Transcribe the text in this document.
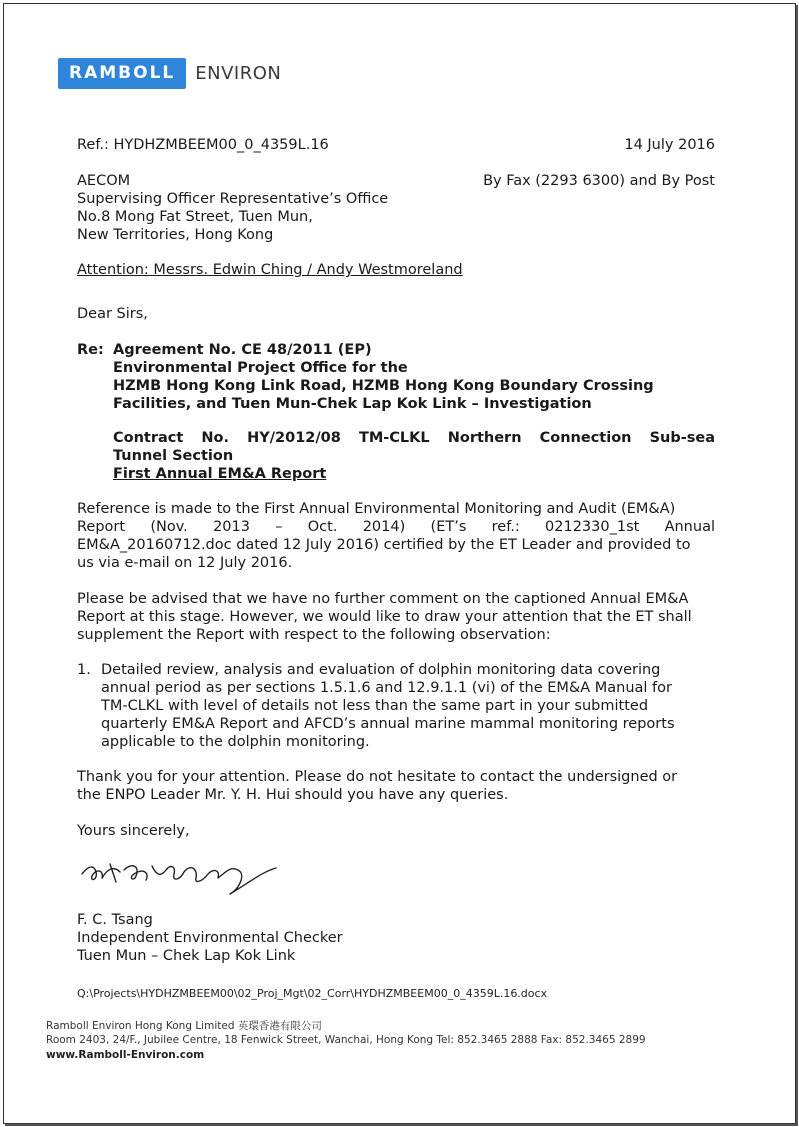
RAMBOLL	ENVIRON
Ref.: HYDHZMBEEM00_0_4359L.16	14 July 2016
AECOM
Supervising Officer Representative’s Office
No.8 Mong Fat Street, Tuen Mun,
New Territories, Hong Kong
By Fax (2293 6300) and By Post
Attention: Messrs. Edwin Ching / Andy Westmoreland
Dear Sirs,
Re: Agreement No. CE 48/2011 (EP)
Environmental Project Office for the
HZMB Hong Kong Link Road, HZMB Hong Kong Boundary Crossing
Facilities, and Tuen Mun-Chek Lap Kok Link – Investigation
Contract No. HY/2012/08 TM-CLKL Northern Connection Sub-sea
Tunnel Section
First Annual EM&A Report
Reference is made to the First Annual Environmental Monitoring and Audit (EM&A)
Report (Nov. 2013 – Oct. 2014) (ET’s ref.: 0212330_1st Annual
EM&A_20160712.doc dated 12 July 2016) certified by the ET Leader and provided to
us via e-mail on 12 July 2016.
Please be advised that we have no further comment on the captioned Annual EM&A
Report at this stage. However, we would like to draw your attention that the ET shall
supplement the Report with respect to the following observation:
1. Detailed review, analysis and evaluation of dolphin monitoring data covering
annual period as per sections 1.5.1.6 and 12.9.1.1 (vi) of the EM&A Manual for
TM-CLKL with level of details not less than the same part in your submitted
quarterly EM&A Report and AFCD’s annual marine mammal monitoring reports
applicable to the dolphin monitoring.
Thank you for your attention. Please do not hesitate to contact the undersigned or
the ENPO Leader Mr. Y. H. Hui should you have any queries.
Yours sincerely,
F. C. Tsang
Independent Environmental Checker
Tuen Mun – Chek Lap Kok Link
Q:\Projects\HYDHZMBEEM00\02_Proj_Mgt\02_Corr\HYDHZMBEEM00_0_4359L.16.docx
Ramboll Environ Hong Kong Limited 英環香港有限公司
Room 2403, 24/F., Jubilee Centre, 18 Fenwick Street, Wanchai, Hong Kong Tel: 852.3465 2888 Fax: 852.3465 2899
www.Ramboll-Environ.com
